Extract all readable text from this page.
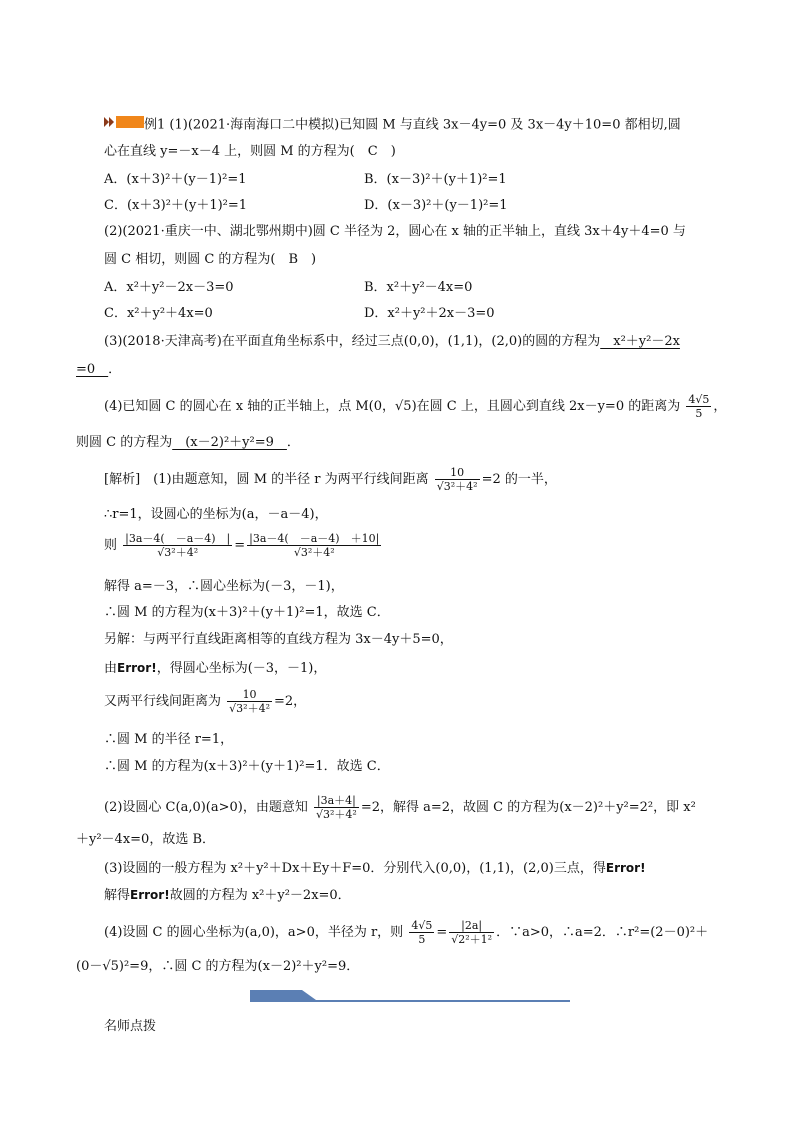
例1 (1)(2021·海南海口二中模拟)已知圆 M 与直线 3x－4y=0 及 3x－4y＋10=0 都相切,圆
心在直线 y=－x－4 上，则圆 M 的方程为(　C　)
A．(x＋3)²＋(y－1)²=1	B．(x－3)²＋(y＋1)²=1
C．(x＋3)²＋(y＋1)²=1	D．(x－3)²＋(y－1)²=1
(2)(2021·重庆一中、湖北鄂州期中)圆 C 半径为 2，圆心在 x 轴的正半轴上，直线 3x＋4y＋4=0 与
圆 C 相切，则圆 C 的方程为(　B　)
A．x²＋y²－2x－3=0	B．x²＋y²－4x=0
C．x²＋y²＋4x=0	D．x²＋y²＋2x－3=0
(3)(2018·天津高考)在平面直角坐标系中，经过三点(0,0)，(1,1)，(2,0)的圆的方程为　x²＋y²－2x
=0　．
(4)已知圆 C 的圆心在 x 轴的正半轴上，点 M(0，√5)在圆 C 上，且圆心到直线 2x－y=0 的距离为 $\frac{4√5}{5}$ ，
则圆 C 的方程为　(x－2)²＋y²=9　．
[解析]　(1)由题意知，圆 M 的半径 r 为两平行线间距离 $\frac{10}{\text{√3²＋4²}} =2$ 的一半，
∴r=1，设圆心的坐标为(a，－a－4)，
则 $\frac{|3a-4( -a-4) |}{\text{√3²＋4²}} = \frac{|3a-4( -a-4) +10|}{\text{√3²＋4²}}$
解得 a=－3，∴圆心坐标为(－3，－1)，
∴圆 M 的方程为(x＋3)²＋(y＋1)²=1，故选 C．
另解：与两平行直线距离相等的直线方程为 3x－4y＋5=0，
由Error!，得圆心坐标为(－3，－1)，
又两平行线间距离为 $\frac{10}{\text{√3²＋4²}} =2$，
∴圆 M 的半径 r=1，
∴圆 M 的方程为(x＋3)²＋(y＋1)²=1．故选 C．
(2)设圆心 C(a,0)(a>0)，由题意知 $\frac{|3a+4|}{\text{√3²＋4²}} =2$，解得 a=2，故圆 C 的方程为(x－2)²＋y²=2²，即 x²
＋y²－4x=0，故选 B．
(3)设圆的一般方程为 x²＋y²＋Dx＋Ey＋F=0．分别代入(0,0)，(1,1)，(2,0)三点，得Error!
解得Error!故圆的方程为 x²＋y²－2x=0．
(4)设圆 C 的圆心坐标为(a,0)，a>0，半径为 r，则 $\frac{4√5}{5} = \frac{|2a|}{\text{√2²＋1²}}$ ．∵a>0，∴a=2．∴r²=(2－0)²＋
(0－√5)²=9，∴圆 C 的方程为(x－2)²＋y²=9．
名师点拨
